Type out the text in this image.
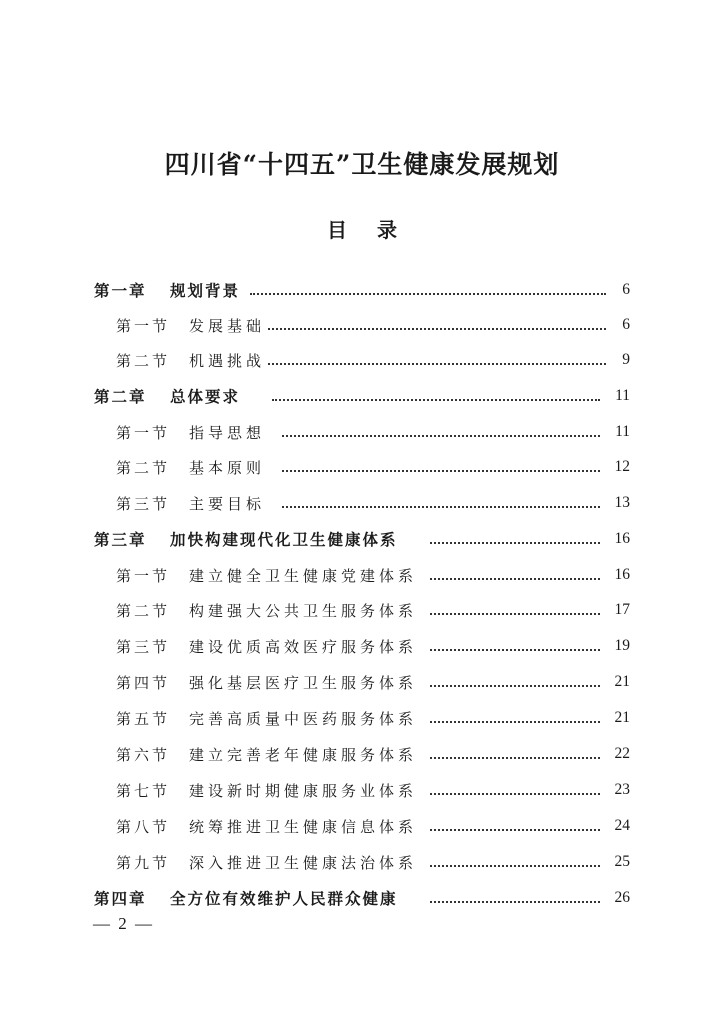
四川省“十四五”卫生健康发展规划
目录
第一章	规划背景	6
第一节	发展基础	6
第二节	机遇挑战	9
第二章	总体要求	11
第一节	指导思想	11
第二节	基本原则	12
第三节	主要目标	13
第三章	加快构建现代化卫生健康体系	16
第一节	建立健全卫生健康党建体系	16
第二节	构建强大公共卫生服务体系	17
第三节	建设优质高效医疗服务体系	19
第四节	强化基层医疗卫生服务体系	21
第五节	完善高质量中医药服务体系	21
第六节	建立完善老年健康服务体系	22
第七节	建设新时期健康服务业体系	23
第八节	统筹推进卫生健康信息体系	24
第九节	深入推进卫生健康法治体系	25
第四章	全方位有效维护人民群众健康	26
— 2 —
